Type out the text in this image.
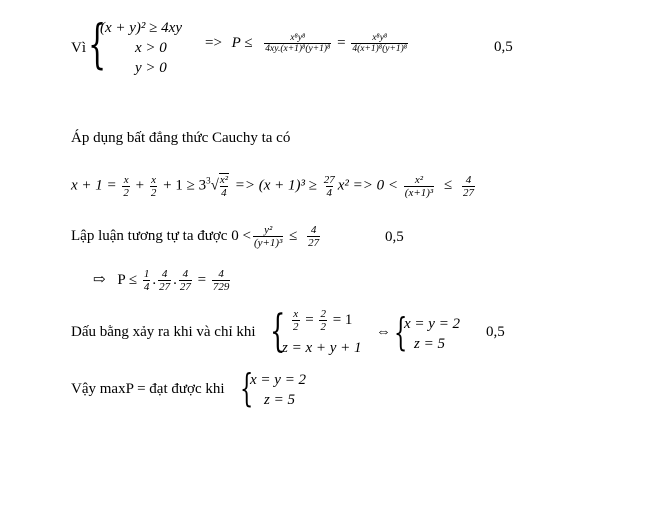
Vì {
(x + y)² ≥ 4xy
x > 0
y > 0
=> $P \le \frac{\text{x⁸y⁸}}{\text{4xy.(x+1)⁸(y+1)⁸}} = \frac{\text{x⁸y⁸}}{\text{4(x+1)⁸(y+1)⁸}}$	0,5
Áp dụng bất đẳng thức Cauchy ta có
$x + 1 = \frac{x}{2} + \frac{x}{2} + 1 \ge 3^3√ \frac{\text{x²}}{4} => (x + 1)^3 \ge \frac{27}{4} x^2 => 0 < \frac{\text{x²}}{\text{(x+1)³}} \le \frac{4}{27}$
Lập luận tương tự ta được $0 < \frac{\text{y²}}{\text{(y+1)³}} \le \frac{4}{27}$	0,5
⇨ $P \le \frac{1}{4}$ . $\frac{4}{27}$ . $\frac{4}{27} = \frac{4}{729}$
Dấu bằng xảy ra khi và chỉ khi { $\frac{x}{2} = \frac{2}{2} = 1$
z = x + y + 1
⇔ {
x = y = 2
z = 5
0,5
Vậy maxP = đạt được khi {
x = y = 2
z = 5
